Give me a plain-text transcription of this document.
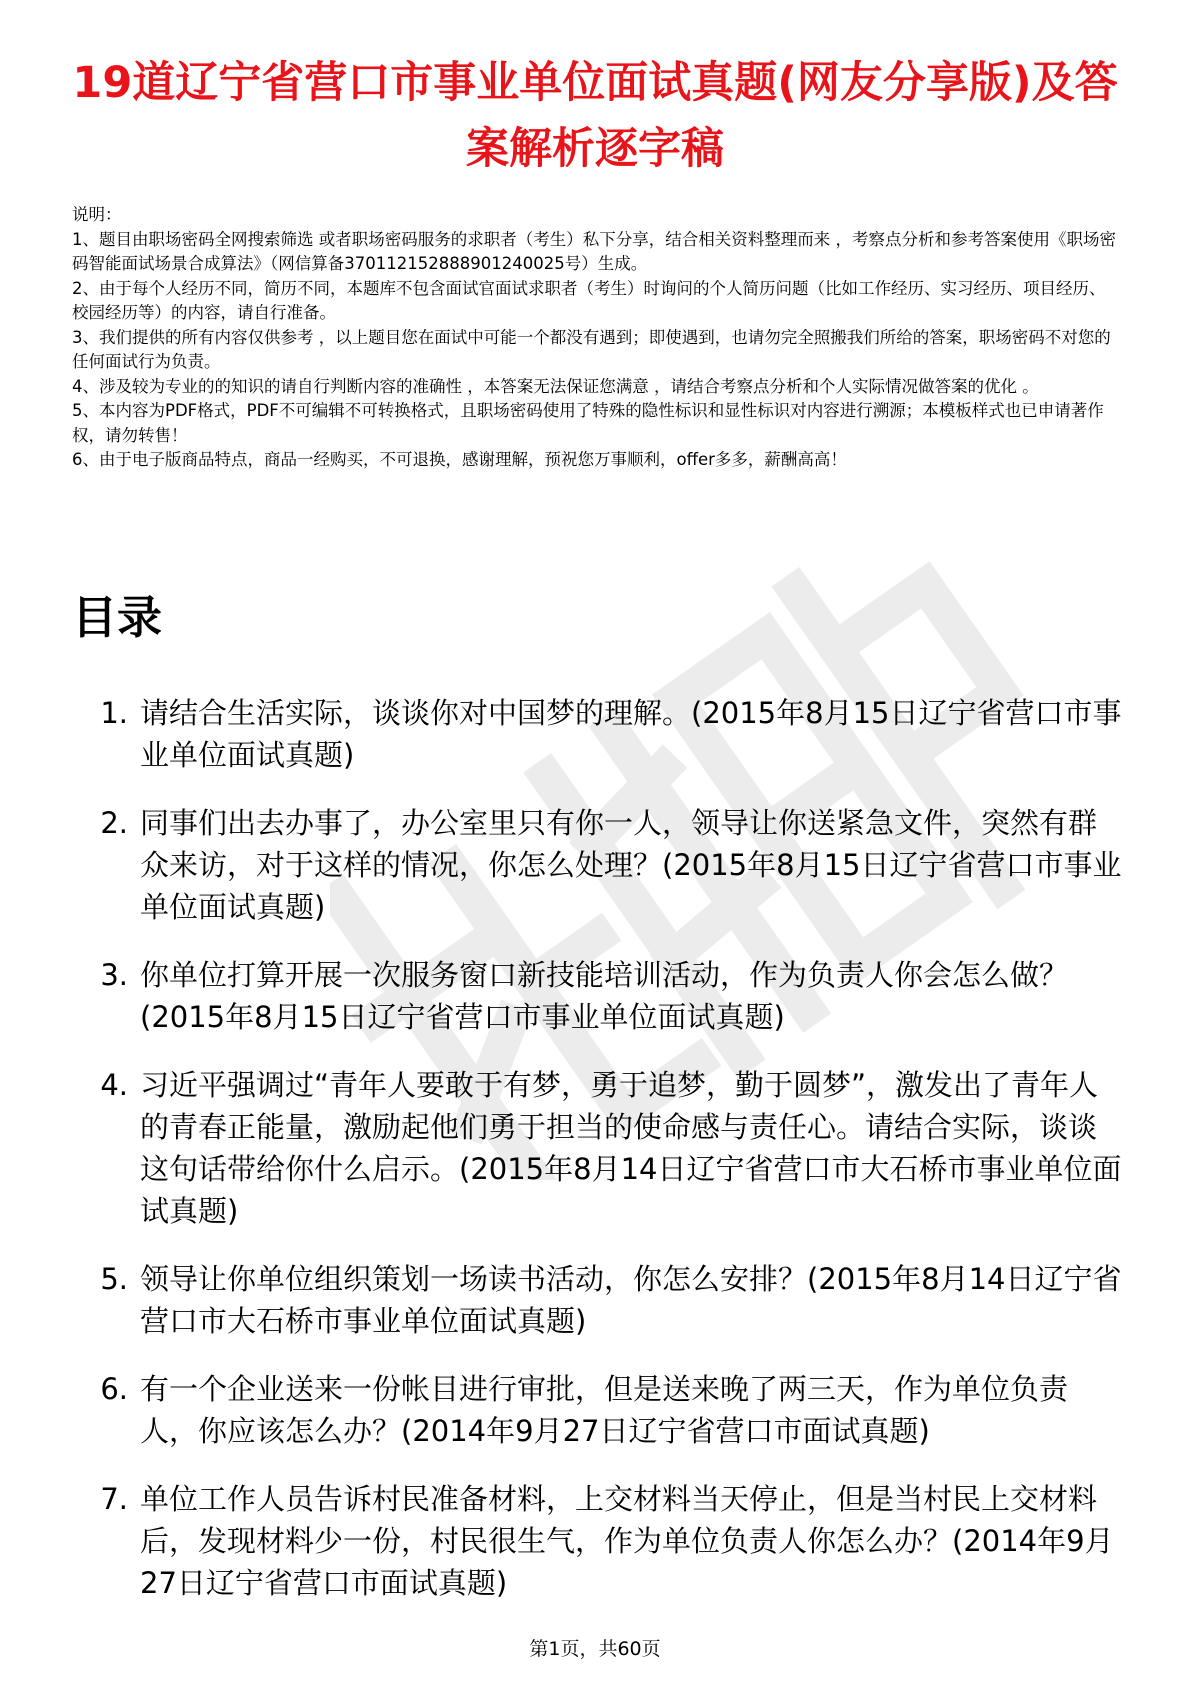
19道辽宁省营口市事业单位面试真题(网友分享版)及答案解析逐字稿
说明：
1、题目由职场密码全网搜索筛选 或者职场密码服务的求职者（考生）私下分享，结合相关资料整理而来 ，考察点分析和参考答案使用《职场密码智能面试场景合成算法》（网信算备370112152888901240025号）生成。
2、由于每个人经历不同，简历不同，本题库不包含面试官面试求职者（考生）时询问的个人简历问题（比如工作经历、实习经历、项目经历、校园经历等）的内容，请自行准备。
3、我们提供的所有内容仅供参考 ，以上题目您在面试中可能一个都没有遇到；即使遇到，也请勿完全照搬我们所给的答案，职场密码不对您的任何面试行为负责。
4、涉及较为专业的的知识的请自行判断内容的准确性 ，本答案无法保证您满意 ，请结合考察点分析和个人实际情况做答案的优化 。
5、本内容为PDF格式，PDF不可编辑不可转换格式，且职场密码使用了特殊的隐性标识和显性标识对内容进行溯源；本模板样式也已申请著作权，请勿转售！
6、由于电子版商品特点，商品一经购买，不可退换，感谢理解，预祝您万事顺利，offer多多，薪酬高高！
目录
1. 请结合生活实际，谈谈你对中国梦的理解。(2015年8月15日辽宁省营口市事业单位面试真题)
2. 同事们出去办事了，办公室里只有你一人，领导让你送紧急文件，突然有群众来访，对于这样的情况，你怎么处理？(2015年8月15日辽宁省营口市事业单位面试真题)
3. 你单位打算开展一次服务窗口新技能培训活动，作为负责人你会怎么做？(2015年8月15日辽宁省营口市事业单位面试真题)
4. 习近平强调过“青年人要敢于有梦，勇于追梦，勤于圆梦”，激发出了青年人的青春正能量，激励起他们勇于担当的使命感与责任心。请结合实际，谈谈这句话带给你什么启示。(2015年8月14日辽宁省营口市大石桥市事业单位面试真题)
5. 领导让你单位组织策划一场读书活动，你怎么安排？(2015年8月14日辽宁省营口市大石桥市事业单位面试真题)
6. 有一个企业送来一份帐目进行审批，但是送来晚了两三天，作为单位负责人，你应该怎么办？(2014年9月27日辽宁省营口市面试真题)
7. 单位工作人员告诉村民准备材料，上交材料当天停止，但是当村民上交材料后，发现材料少一份，村民很生气，作为单位负责人你怎么办？(2014年9月27日辽宁省营口市面试真题)
第1页，共60页
